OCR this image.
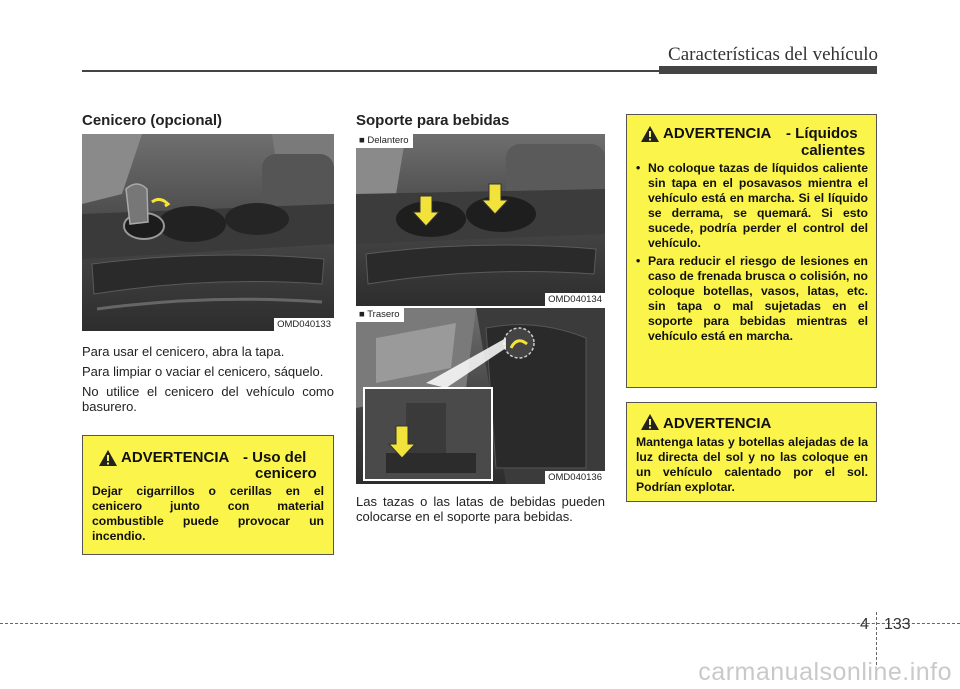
Características del vehículo
Cenicero (opcional)
OMD040133

Para usar el cenicero, abra la tapa.

Para limpiar o vaciar el cenicero, sáquelo.

No utilice el cenicero del vehículo como basurero.

ADVERTENCIA - Uso del
cenicero
Dejar cigarrillos o cerillas en el cenicero junto con material combustible puede provocar un incendio.
Soporte para bebidas
■ Delantero
OMD040134
■ Trasero
OMD040136

Las tazas o las latas de bebidas pueden colocarse en el soporte para bebidas.

ADVERTENCIA - Líquidos
calientes
• No coloque tazas de líquidos caliente sin tapa en el posavasos mientra el vehículo está en marcha. Si el líquido se derrama, se quemará. Si esto sucede, podría perder el control del vehículo.
• Para reducir el riesgo de lesiones en caso de frenada brusca o colisión, no coloque botellas, vasos, latas, etc. sin tapa o mal sujetadas en el soporte para bebidas mientras el vehículo está en marcha.
ADVERTENCIA
Mantenga latas y botellas alejadas de la luz directa del sol y no las coloque en un vehículo calentado por el sol. Podrían explotar.
4 133
carmanualsonline.info
